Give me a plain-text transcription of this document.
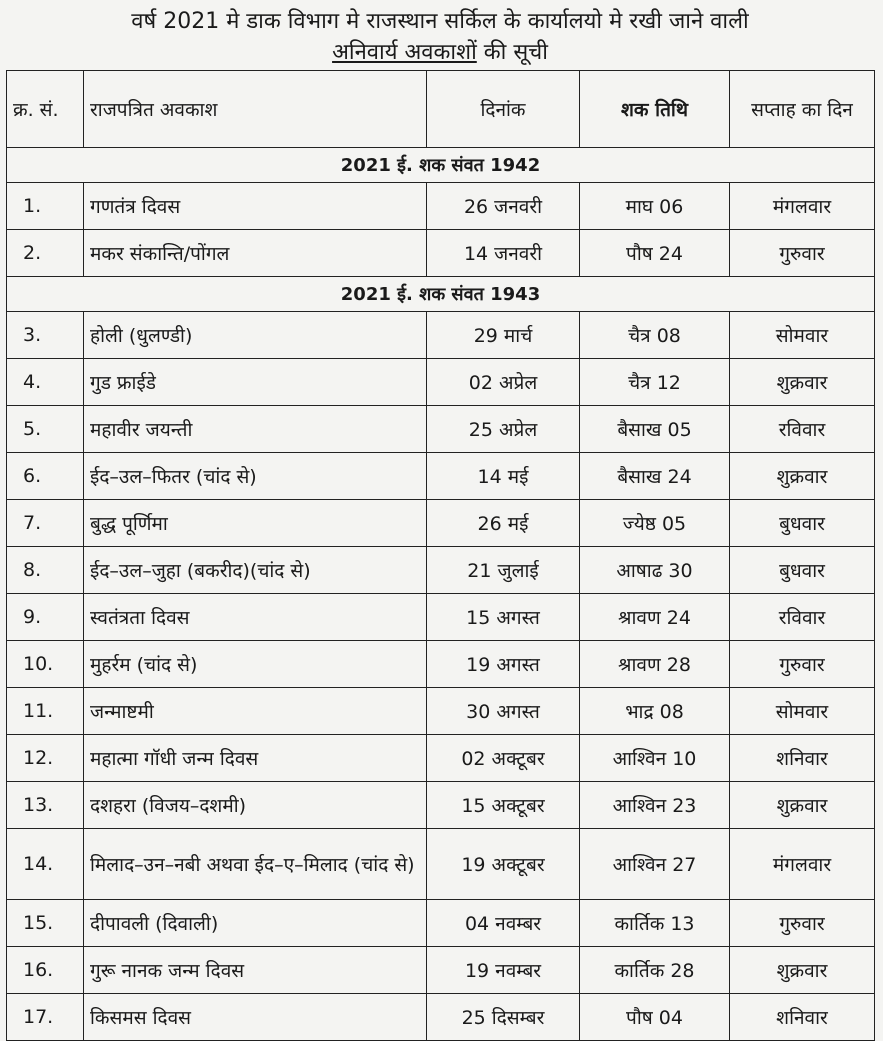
वर्ष 2021 मे डाक विभाग मे राजस्थान सर्किल के कार्यालयो मे रखी जाने वाली
अनिवार्य अवकाशों की सूची
क्र. सं.	राजपत्रित अवकाश	दिनांक	शक तिथि	सप्ताह का दिन
2021 ई. शक संवत 1942				
1.	गणतंत्र दिवस	26 जनवरी	माघ 06	मंगलवार
2.	मकर संकान्ति/पोंगल	14 जनवरी	पौष 24	गुरुवार
2021 ई. शक संवत 1943				
3.	होली (धुलण्डी)	29 मार्च	चैत्र 08	सोमवार
4.	गुड फ्राईडे	02 अप्रेल	चैत्र 12	शुक्रवार
5.	महावीर जयन्ती	25 अप्रेल	बैसाख 05	रविवार
6.	ईद–उल–फितर (चांद से)	14 मई	बैसाख 24	शुक्रवार
7.	बुद्ध पूर्णिमा	26 मई	ज्येष्ठ 05	बुधवार
8.	ईद–उल–जुहा (बकरीद)(चांद से)	21 जुलाई	आषाढ 30	बुधवार
9.	स्वतंत्रता दिवस	15 अगस्त	श्रावण 24	रविवार
10.	मुहर्रम (चांद से)	19 अगस्त	श्रावण 28	गुरुवार
11.	जन्माष्टमी	30 अगस्त	भाद्र 08	सोमवार
12.	महात्मा गॉधी जन्म दिवस	02 अक्टूबर	आश्विन 10	शनिवार
13.	दशहरा (विजय–दशमी)	15 अक्टूबर	आश्विन 23	शुक्रवार
14.	मिलाद–उन–नबी अथवा ईद–ए–मिलाद (चांद से)	19 अक्टूबर	आश्विन 27	मंगलवार
15.	दीपावली (दिवाली)	04 नवम्बर	कार्तिक 13	गुरुवार
16.	गुरू नानक जन्म दिवस	19 नवम्बर	कार्तिक 28	शुक्रवार
17.	किसमस दिवस	25 दिसम्बर	पौष 04	शनिवार
